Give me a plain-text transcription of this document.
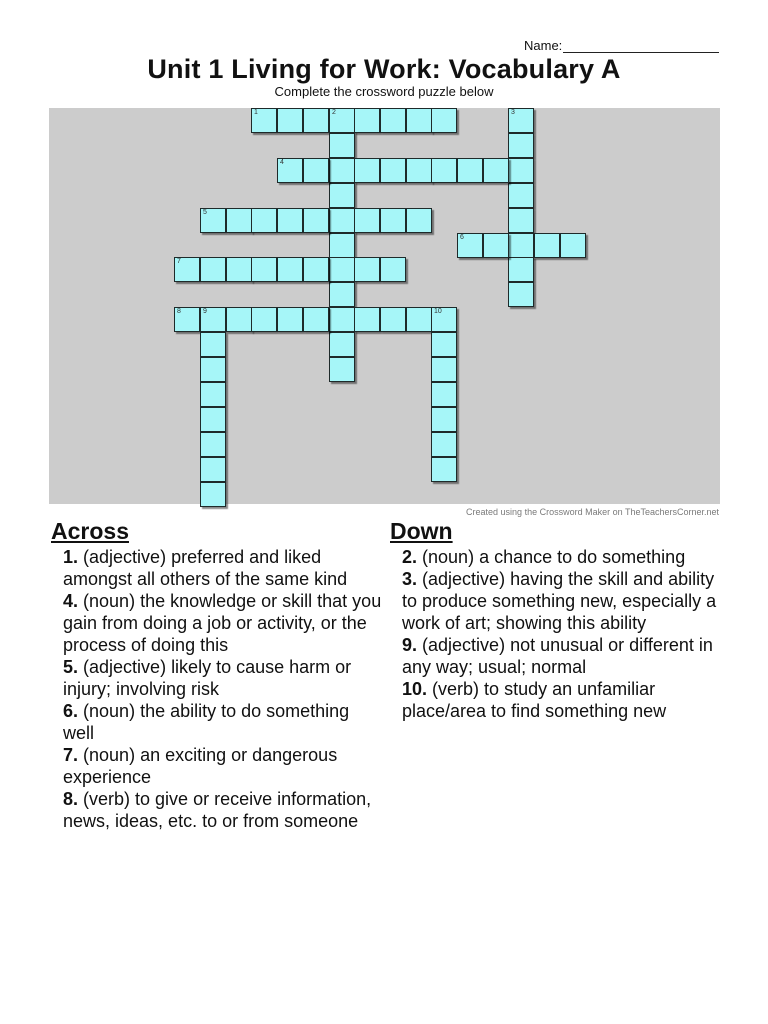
Name:
Unit 1 Living for Work: Vocabulary A
Complete the crossword puzzle below
1	2	3
4
5
6
7
8	9	10
Created using the Crossword Maker on TheTeachersCorner.net
Across	Down

1. (adjective) preferred and liked amongst all others of the same kind

4. (noun) the knowledge or skill that you gain from doing a job or activity, or the process of doing this

5. (adjective) likely to cause harm or injury; involving risk

6. (noun) the ability to do something well

7. (noun) an exciting or dangerous experience

8. (verb) to give or receive information, news, ideas, etc. to or from someone

2. (noun) a chance to do something

3. (adjective) having the skill and ability to produce something new, especially a work of art; showing this ability

9. (adjective) not unusual or different in any way; usual; normal

10. (verb) to study an unfamiliar place/area to find something new
